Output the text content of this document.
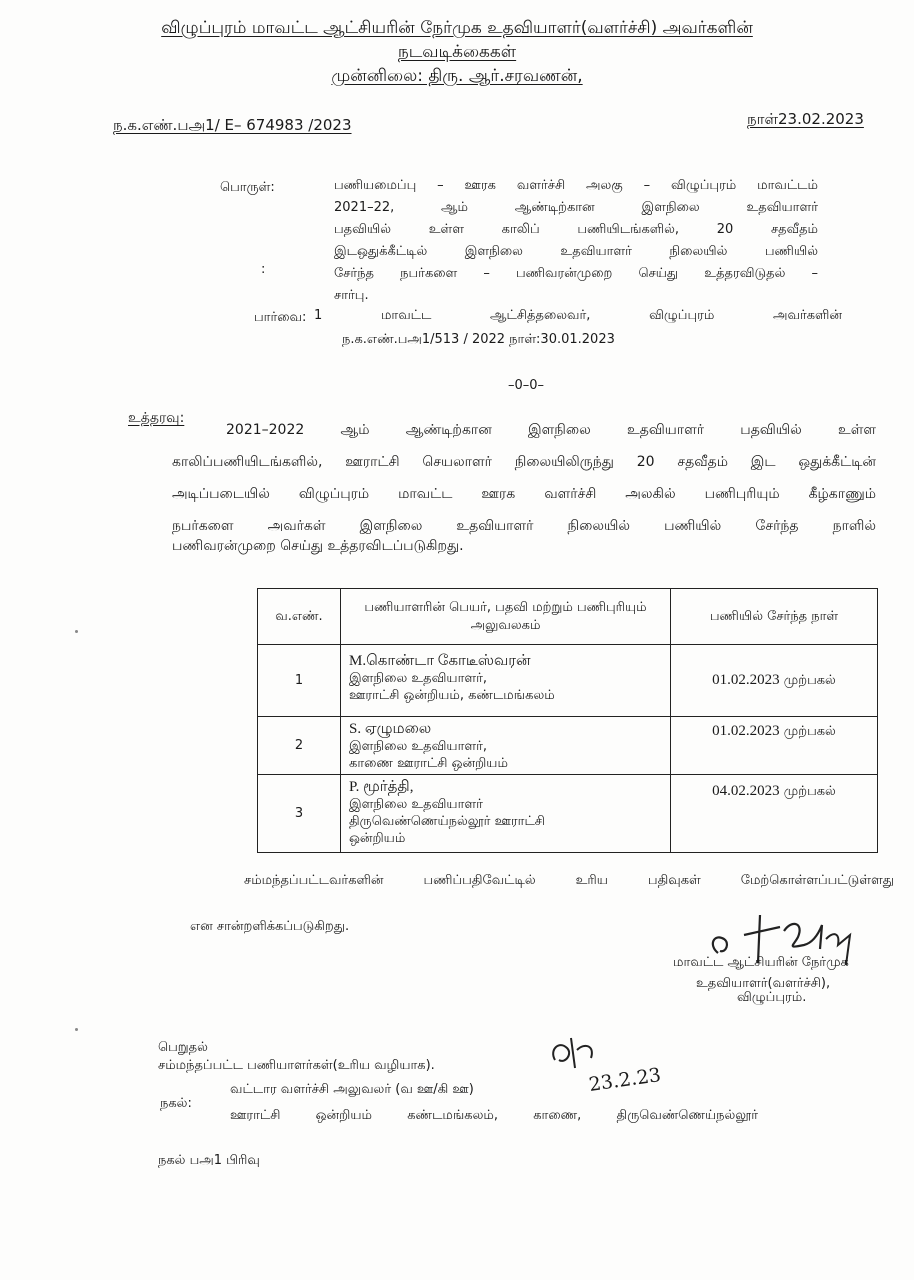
விழுப்புரம் மாவட்ட ஆட்சியரின் நேர்முக உதவியாளர்(வளர்ச்சி) அவர்களின்
நடவடிக்கைகள்
முன்னிலை: திரு. ஆர்.சரவணன்,
ந.க.எண்.பஅ1/ E– 674983 /2023	நாள்23.02.2023
பொருள்:
:
பணியமைப்பு – ஊரக வளர்ச்சி அலகு – விழுப்புரம் மாவட்டம்
2021–22, ஆம் ஆண்டிற்கான இளநிலை உதவியாளர்
பதவியில் உள்ள காலிப் பணியிடங்களில், 20 சதவீதம்
இடஒதுக்கீட்டில் இளநிலை உதவியாளர் நிலையில் பணியில்
சேர்ந்த நபர்களை – பணிவரன்முறை செய்து உத்தரவிடுதல் –
சார்பு.
பார்வை: 1 மாவட்ட ஆட்சித்தலைவர், விழுப்புரம் அவர்களின்
ந.க.எண்.பஅ1/513 / 2022 நாள்:30.01.2023
–0–0–
உத்தரவு:
2021–2022 ஆம் ஆண்டிற்கான இளநிலை உதவியாளர் பதவியில் உள்ள
காலிப்பணியிடங்களில், ஊராட்சி செயலாளர் நிலையிலிருந்து 20 சதவீதம் இட ஒதுக்கீட்டின்
அடிப்படையில் விழுப்புரம் மாவட்ட ஊரக வளர்ச்சி அலகில் பணிபுரியும் கீழ்காணும்
நபர்களை அவர்கள் இளநிலை உதவியாளர் நிலையில் பணியில் சேர்ந்த நாளில்
பணிவரன்முறை செய்து உத்தரவிடப்படுகிறது.
வ.எண்.	பணியாளரின் பெயர், பதவி மற்றும் பணிபுரியும் அலுவலகம்	பணியில் சேர்ந்த நாள்
1	M.கொண்டா கோடீஸ்வரன்
இளநிலை உதவியாளர்,
ஊராட்சி ஒன்றியம், கண்டமங்கலம்	01.02.2023 முற்பகல்
2	S. ஏழுமலை
இளநிலை உதவியாளர்,
காணை ஊராட்சி ஒன்றியம்	01.02.2023 முற்பகல்
3	P. மூர்த்தி,
இளநிலை உதவியாளர்
திருவெண்ணெய்நல்லூர் ஊராட்சி
ஒன்றியம்	04.02.2023 முற்பகல்
சம்மந்தப்பட்டவர்களின் பணிப்பதிவேட்டில் உரிய பதிவுகள் மேற்கொள்ளப்பட்டுள்ளது
என சான்றளிக்கப்படுகிறது.
மாவட்ட ஆட்சியரின் நேர்முக
உதவியாளர்(வளர்ச்சி),
விழுப்புரம்.
பெறுதல்
சம்மந்தப்பட்ட பணியாளர்கள்(உரிய வழியாக).	23.2.23
நகல்:
வட்டார வளர்ச்சி அலுவலர் (வ ஊ/கி ஊ)
ஊராட்சி ஒன்றியம் கண்டமங்கலம், காணை, திருவெண்ணெய்நல்லூர்
நகல் பஅ1 பிரிவு
